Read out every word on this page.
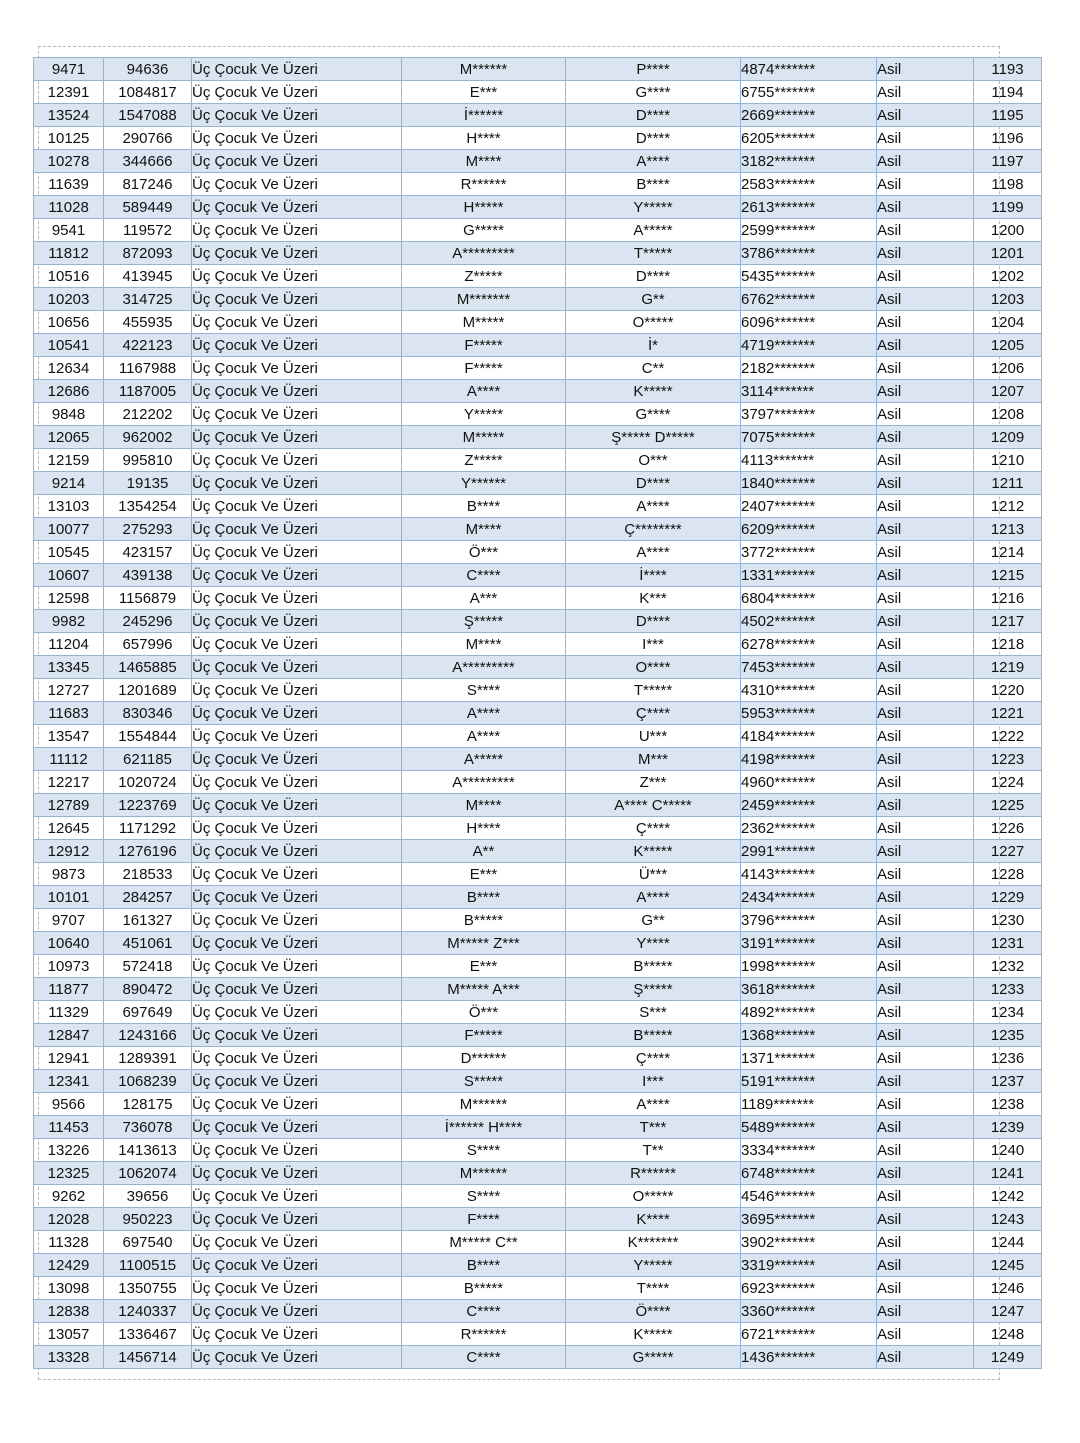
9471	94636	Üç Çocuk Ve Üzeri	M******	P****	4874*******	Asil	1193
12391	1084817	Üç Çocuk Ve Üzeri	E***	G****	6755*******	Asil	1194
13524	1547088	Üç Çocuk Ve Üzeri	İ******	D****	2669*******	Asil	1195
10125	290766	Üç Çocuk Ve Üzeri	H****	D****	6205*******	Asil	1196
10278	344666	Üç Çocuk Ve Üzeri	M****	A****	3182*******	Asil	1197
11639	817246	Üç Çocuk Ve Üzeri	R******	B****	2583*******	Asil	1198
11028	589449	Üç Çocuk Ve Üzeri	H*****	Y*****	2613*******	Asil	1199
9541	119572	Üç Çocuk Ve Üzeri	G*****	A*****	2599*******	Asil	1200
11812	872093	Üç Çocuk Ve Üzeri	A*********	T*****	3786*******	Asil	1201
10516	413945	Üç Çocuk Ve Üzeri	Z*****	D****	5435*******	Asil	1202
10203	314725	Üç Çocuk Ve Üzeri	M*******	G**	6762*******	Asil	1203
10656	455935	Üç Çocuk Ve Üzeri	M*****	O*****	6096*******	Asil	1204
10541	422123	Üç Çocuk Ve Üzeri	F*****	İ*	4719*******	Asil	1205
12634	1167988	Üç Çocuk Ve Üzeri	F*****	C**	2182*******	Asil	1206
12686	1187005	Üç Çocuk Ve Üzeri	A****	K*****	3114*******	Asil	1207
9848	212202	Üç Çocuk Ve Üzeri	Y*****	G****	3797*******	Asil	1208
12065	962002	Üç Çocuk Ve Üzeri	M*****	Ş***** D*****	7075*******	Asil	1209
12159	995810	Üç Çocuk Ve Üzeri	Z*****	O***	4113*******	Asil	1210
9214	19135	Üç Çocuk Ve Üzeri	Y******	D****	1840*******	Asil	1211
13103	1354254	Üç Çocuk Ve Üzeri	B****	A****	2407*******	Asil	1212
10077	275293	Üç Çocuk Ve Üzeri	M****	Ç********	6209*******	Asil	1213
10545	423157	Üç Çocuk Ve Üzeri	Ö***	A****	3772*******	Asil	1214
10607	439138	Üç Çocuk Ve Üzeri	C****	İ****	1331*******	Asil	1215
12598	1156879	Üç Çocuk Ve Üzeri	A***	K***	6804*******	Asil	1216
9982	245296	Üç Çocuk Ve Üzeri	Ş*****	D****	4502*******	Asil	1217
11204	657996	Üç Çocuk Ve Üzeri	M****	I***	6278*******	Asil	1218
13345	1465885	Üç Çocuk Ve Üzeri	A*********	O****	7453*******	Asil	1219
12727	1201689	Üç Çocuk Ve Üzeri	S****	T*****	4310*******	Asil	1220
11683	830346	Üç Çocuk Ve Üzeri	A****	Ç****	5953*******	Asil	1221
13547	1554844	Üç Çocuk Ve Üzeri	A****	U***	4184*******	Asil	1222
11112	621185	Üç Çocuk Ve Üzeri	A*****	M***	4198*******	Asil	1223
12217	1020724	Üç Çocuk Ve Üzeri	A*********	Z***	4960*******	Asil	1224
12789	1223769	Üç Çocuk Ve Üzeri	M****	A**** C*****	2459*******	Asil	1225
12645	1171292	Üç Çocuk Ve Üzeri	H****	Ç****	2362*******	Asil	1226
12912	1276196	Üç Çocuk Ve Üzeri	A**	K*****	2991*******	Asil	1227
9873	218533	Üç Çocuk Ve Üzeri	E***	Ü***	4143*******	Asil	1228
10101	284257	Üç Çocuk Ve Üzeri	B****	A****	2434*******	Asil	1229
9707	161327	Üç Çocuk Ve Üzeri	B*****	G**	3796*******	Asil	1230
10640	451061	Üç Çocuk Ve Üzeri	M***** Z***	Y****	3191*******	Asil	1231
10973	572418	Üç Çocuk Ve Üzeri	E***	B*****	1998*******	Asil	1232
11877	890472	Üç Çocuk Ve Üzeri	M***** A***	Ş*****	3618*******	Asil	1233
11329	697649	Üç Çocuk Ve Üzeri	Ö***	S***	4892*******	Asil	1234
12847	1243166	Üç Çocuk Ve Üzeri	F*****	B*****	1368*******	Asil	1235
12941	1289391	Üç Çocuk Ve Üzeri	D******	Ç****	1371*******	Asil	1236
12341	1068239	Üç Çocuk Ve Üzeri	S*****	I***	5191*******	Asil	1237
9566	128175	Üç Çocuk Ve Üzeri	M******	A****	1189*******	Asil	1238
11453	736078	Üç Çocuk Ve Üzeri	İ****** H****	T***	5489*******	Asil	1239
13226	1413613	Üç Çocuk Ve Üzeri	S****	T**	3334*******	Asil	1240
12325	1062074	Üç Çocuk Ve Üzeri	M******	R******	6748*******	Asil	1241
9262	39656	Üç Çocuk Ve Üzeri	S****	O*****	4546*******	Asil	1242
12028	950223	Üç Çocuk Ve Üzeri	F****	K****	3695*******	Asil	1243
11328	697540	Üç Çocuk Ve Üzeri	M***** C**	K*******	3902*******	Asil	1244
12429	1100515	Üç Çocuk Ve Üzeri	B****	Y*****	3319*******	Asil	1245
13098	1350755	Üç Çocuk Ve Üzeri	B*****	T****	6923*******	Asil	1246
12838	1240337	Üç Çocuk Ve Üzeri	C****	Ö****	3360*******	Asil	1247
13057	1336467	Üç Çocuk Ve Üzeri	R******	K*****	6721*******	Asil	1248
13328	1456714	Üç Çocuk Ve Üzeri	C****	G*****	1436*******	Asil	1249
